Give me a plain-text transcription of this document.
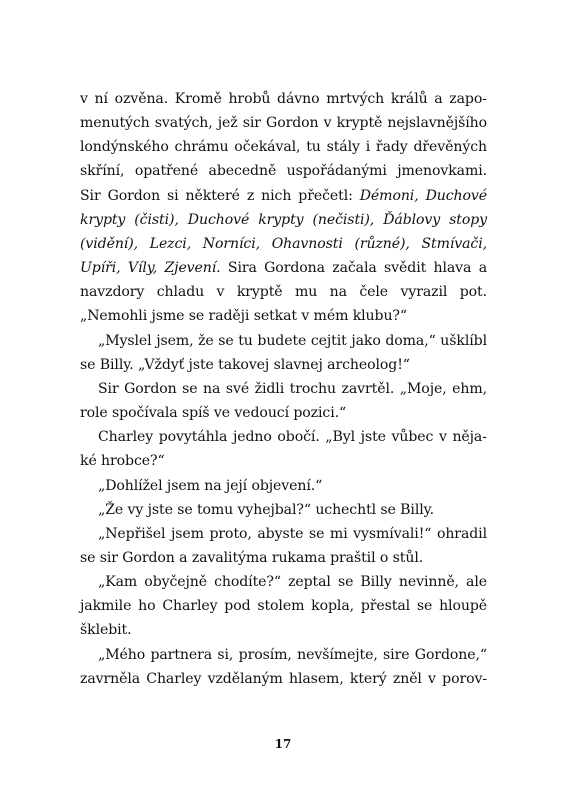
v ní ozvěna. Kromě hrobů dávno mrtvých králů a zapomenutých svatých, jež sir Gordon v kryptě nejslavnějšího londýnského chrámu očekával, tu stály i řady dřevěných skříní, opatřené abecedně uspořádanými jmenovkami. Sir Gordon si některé z nich přečetl: Démoni, Duchové krypty (čisti), Duchové krypty (nečisti), Ďáblovy stopy (vidění), Lezci, Norníci, Ohavnosti (různé), Stmívači, Upíři, Víly, Zjevení. Sira Gordona začala svědit hlava a navzdory chladu v kryptě mu na čele vyrazil pot. „Nemohli jsme se raději setkat v mém klubu?“

„Myslel jsem, že se tu budete cejtit jako doma,“ ušklíbl se Billy. „Vždyť jste takovej slavnej archeolog!“

Sir Gordon se na své židli trochu zavrtěl. „Moje, ehm, role spočívala spíš ve vedoucí pozici.“

Charley povytáhla jedno obočí. „Byl jste vůbec v nějaké hrobce?“

„Dohlížel jsem na její objevení.“

„Že vy jste se tomu vyhejbal?“ uchechtl se Billy.

„Nepřišel jsem proto, abyste se mi vysmívali!“ ohradil se sir Gordon a zavalitýma rukama praštil o stůl.

„Kam obyčejně chodíte?“ zeptal se Billy nevinně, ale jakmile ho Charley pod stolem kopla, přestal se hloupě šklebit.

„Mého partnera si, prosím, nevšímejte, sire Gordone,“ zavrněla Charley vzdělaným hlasem, který zněl v porov-

17
